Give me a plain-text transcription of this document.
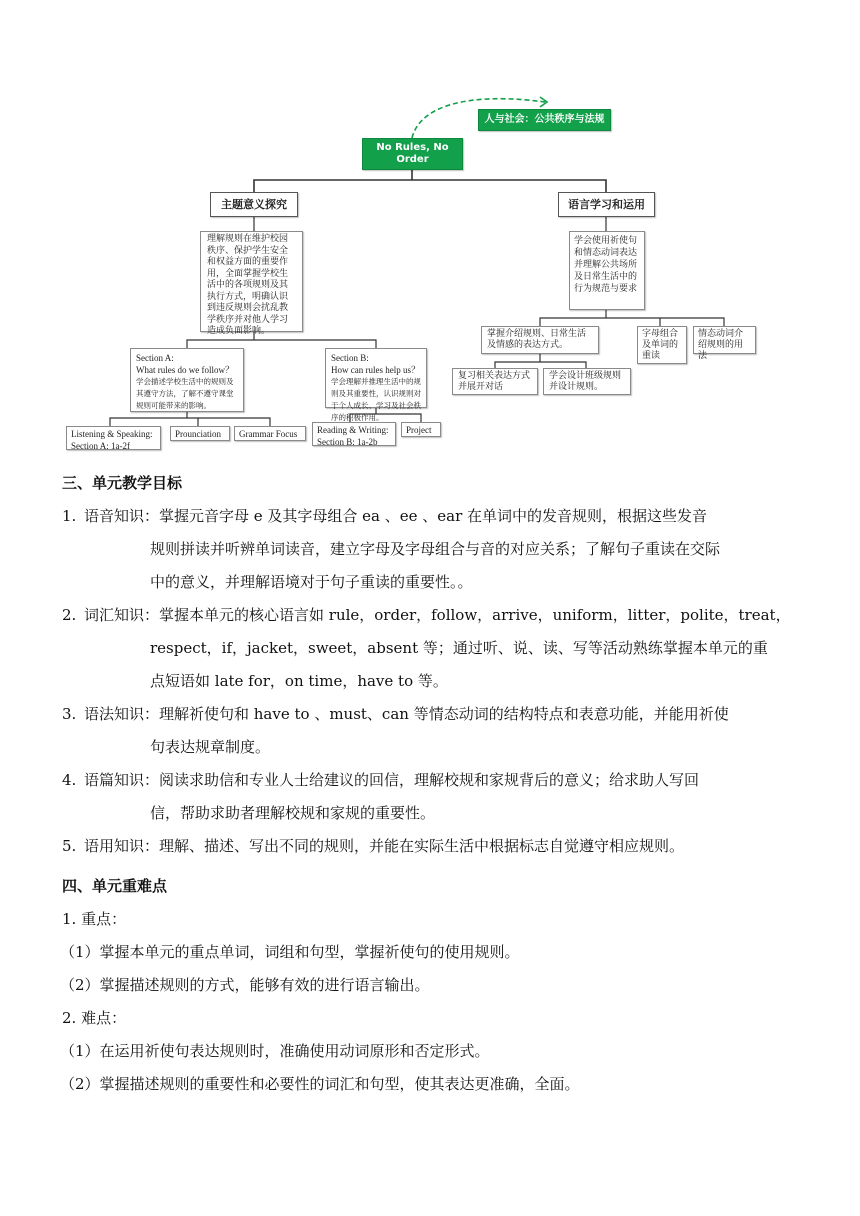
人与社会：公共秩序与法规
No Rules, No Order
主题意义探究	语言学习和运用
理解规则在维护校园秩序、保护学生安全和权益方面的重要作用，全面掌握学校生活中的各项规则及其执行方式，明确认识到违反规则会扰乱教学秩序并对他人学习造成负面影响。
学会使用祈使句和情态动词表达并理解公共场所及日常生活中的行为规范与要求
Section A:
What rules do we follow？
学会描述学校生活中的规则及其遵守方法，了解不遵守课堂规则可能带来的影响。
Section B:
How can rules help us？
学会理解并推理生活中的规则及其重要性，认识规则对于个人成长、学习及社会秩序的积极作用。
Listening & Speaking:
Section A: 1a-2f
Prounciation	Grammar Focus	Reading & Writing:
Section B: 1a-2b
Project
掌握介绍规则、日常生活及情感的表达方式。
字母组合及单词的重读
情态动词介绍规则的用法
复习相关表达方式并展开对话
学会设计班级规则并设计规则。
三、单元教学目标
1. 语音知识：掌握元音字母 e 及其字母组合 ea 、ee 、ear 在单词中的发音规则，根据这些发音
规则拼读并听辨单词读音，建立字母及字母组合与音的对应关系；了解句子重读在交际
中的意义，并理解语境对于句子重读的重要性。。
2. 词汇知识：掌握本单元的核心语言如 rule，order，follow，arrive，uniform，litter，polite，treat，
respect，if，jacket，sweet，absent 等；通过听、说、读、写等活动熟练掌握本单元的重
点短语如 late for，on time，have to 等。
3. 语法知识：理解祈使句和 have to 、must、can 等情态动词的结构特点和表意功能，并能用祈使
句表达规章制度。
4. 语篇知识：阅读求助信和专业人士给建议的回信，理解校规和家规背后的意义；给求助人写回
信，帮助求助者理解校规和家规的重要性。
5. 语用知识：理解、描述、写出不同的规则，并能在实际生活中根据标志自觉遵守相应规则。
四、单元重难点
1. 重点：
（1）掌握本单元的重点单词，词组和句型，掌握祈使句的使用规则。
（2）掌握描述规则的方式，能够有效的进行语言输出。
2. 难点：
（1）在运用祈使句表达规则时，准确使用动词原形和否定形式。
（2）掌握描述规则的重要性和必要性的词汇和句型，使其表达更准确，全面。
